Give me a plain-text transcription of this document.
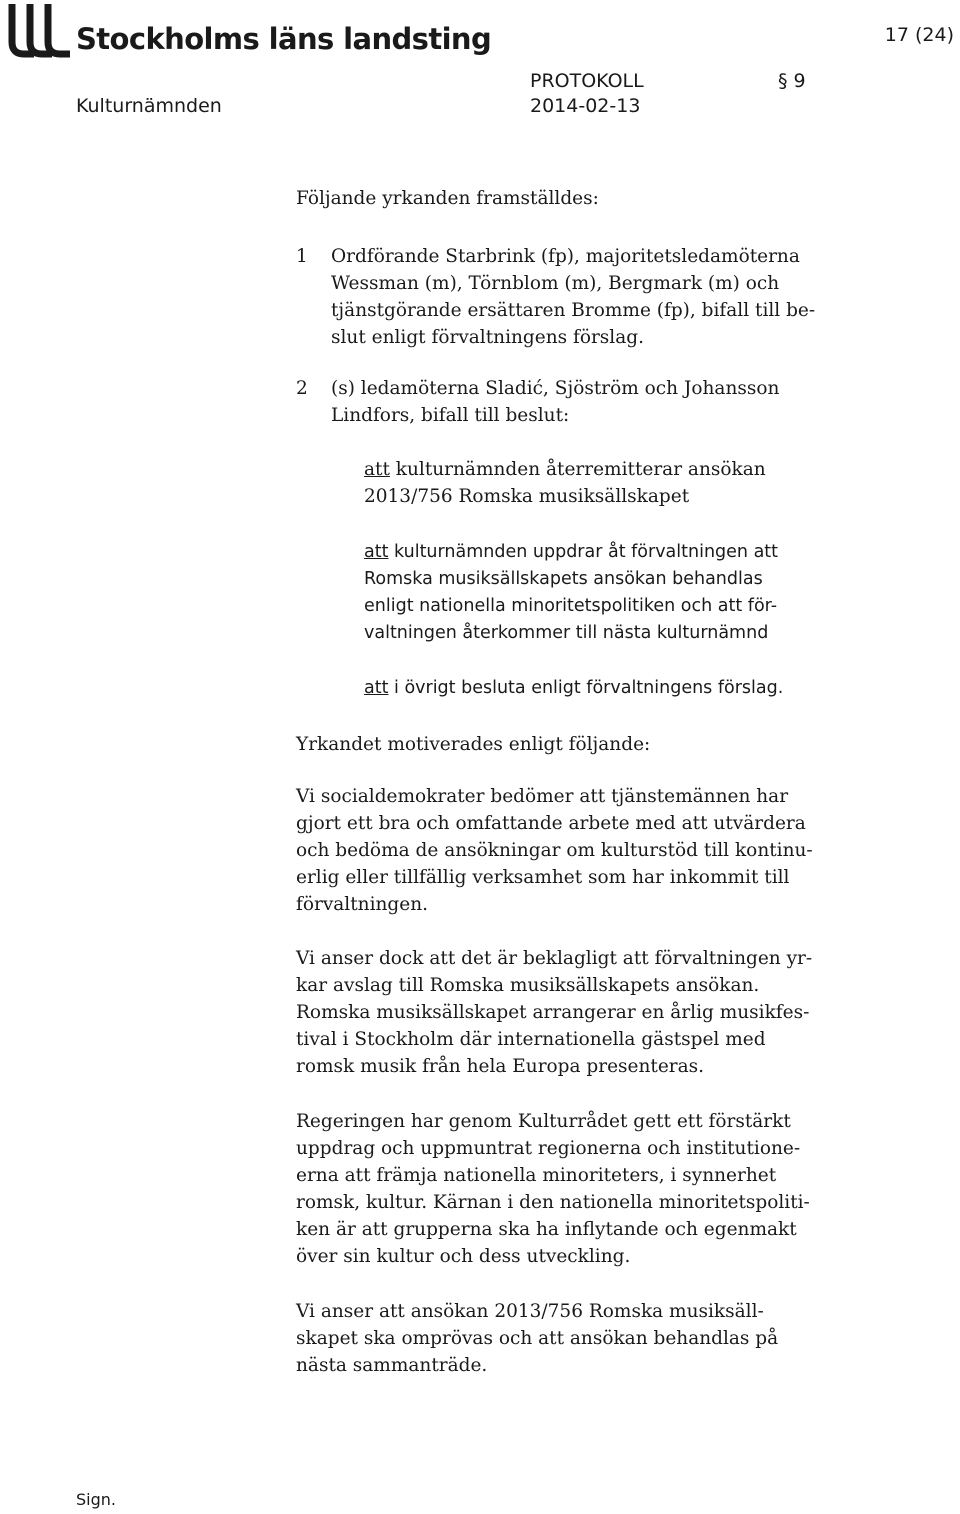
Stockholms läns landsting	17 (24)
PROTOKOLL	§ 9
Kulturnämnden	2014-02-13
Följande yrkanden framställdes:
1 Ordförande Starbrink (fp), majoritetsledamöterna
Wessman (m), Törnblom (m), Bergmark (m) och
tjänstgörande ersättaren Bromme (fp), bifall till be-
slut enligt förvaltningens förslag.
2 (s) ledamöterna Sladić, Sjöström och Johansson
Lindfors, bifall till beslut:
att kulturnämnden återremitterar ansökan
2013/756 Romska musiksällskapet
att kulturnämnden uppdrar åt förvaltningen att
Romska musiksällskapets ansökan behandlas
enligt nationella minoritetspolitiken och att för-
valtningen återkommer till nästa kulturnämnd
att i övrigt besluta enligt förvaltningens förslag.
Yrkandet motiverades enligt följande:
Vi socialdemokrater bedömer att tjänstemännen har
gjort ett bra och omfattande arbete med att utvärdera
och bedöma de ansökningar om kulturstöd till kontinu-
erlig eller tillfällig verksamhet som har inkommit till
förvaltningen.
Vi anser dock att det är beklagligt att förvaltningen yr-
kar avslag till Romska musiksällskapets ansökan.
Romska musiksällskapet arrangerar en årlig musikfes-
tival i Stockholm där internationella gästspel med
romsk musik från hela Europa presenteras.
Regeringen har genom Kulturrådet gett ett förstärkt
uppdrag och uppmuntrat regionerna och institutione-
erna att främja nationella minoriteters, i synnerhet
romsk, kultur. Kärnan i den nationella minoritetspoliti-
ken är att grupperna ska ha inflytande och egenmakt
över sin kultur och dess utveckling.
Vi anser att ansökan 2013/756 Romska musiksäll-
skapet ska omprövas och att ansökan behandlas på
nästa sammanträde.
Sign.
